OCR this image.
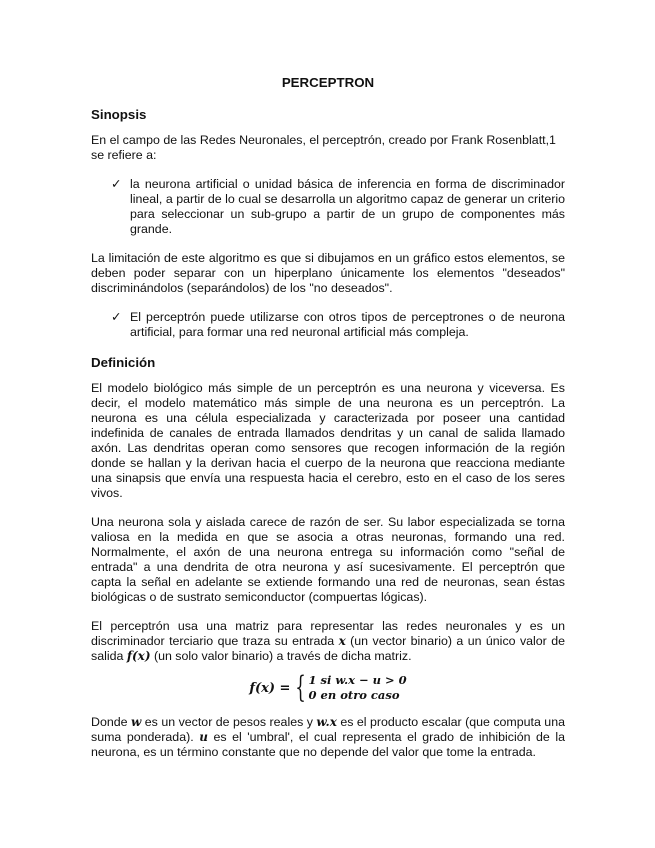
PERCEPTRON
Sinopsis

En el campo de las Redes Neuronales, el perceptrón, creado por Frank Rosenblatt,1 se refiere a:

✓ la neurona artificial o unidad básica de inferencia en forma de discriminador lineal, a partir de lo cual se desarrolla un algoritmo capaz de generar un criterio para seleccionar un sub-grupo a partir de un grupo de componentes más grande.

La limitación de este algoritmo es que si dibujamos en un gráfico estos elementos, se deben poder separar con un hiperplano únicamente los elementos "deseados" discriminándolos (separándolos) de los "no deseados".

✓ El perceptrón puede utilizarse con otros tipos de perceptrones o de neurona artificial, para formar una red neuronal artificial más compleja.
Definición

El modelo biológico más simple de un perceptrón es una neurona y viceversa. Es decir, el modelo matemático más simple de una neurona es un perceptrón. La neurona es una célula especializada y caracterizada por poseer una cantidad indefinida de canales de entrada llamados dendritas y un canal de salida llamado axón. Las dendritas operan como sensores que recogen información de la región donde se hallan y la derivan hacia el cuerpo de la neurona que reacciona mediante una sinapsis que envía una respuesta hacia el cerebro, esto en el caso de los seres vivos.

Una neurona sola y aislada carece de razón de ser. Su labor especializada se torna valiosa en la medida en que se asocia a otras neuronas, formando una red. Normalmente, el axón de una neurona entrega su información como "señal de entrada" a una dendrita de otra neurona y así sucesivamente. El perceptrón que capta la señal en adelante se extiende formando una red de neuronas, sean éstas biológicas o de sustrato semiconductor (compuertas lógicas).

El perceptrón usa una matriz para representar las redes neuronales y es un discriminador terciario que traza su entrada x (un vector binario) a un único valor de salida f(x) (un solo valor binario) a través de dicha matriz.

f(x) = { 1 si w.x − u > 0
0 en otro caso

Donde w es un vector de pesos reales y w.x es el producto escalar (que computa una suma ponderada). u es el 'umbral', el cual representa el grado de inhibición de la neurona, es un término constante que no depende del valor que tome la entrada.
